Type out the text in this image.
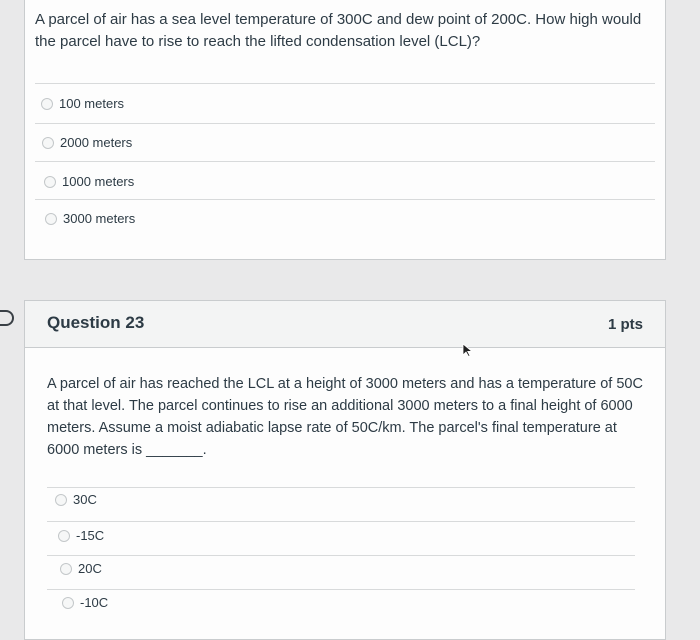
A parcel of air has a sea level temperature of 300C and dew point of 200C. How high would the parcel have to rise to reach the lifted condensation level (LCL)?
100 meters
2000 meters
1000 meters
3000 meters
Question 23	1 pts
A parcel of air has reached the LCL at a height of 3000 meters and has a temperature of 50C at that level. The parcel continues to rise an additional 3000 meters to a final height of 6000 meters. Assume a moist adiabatic lapse rate of 50C/km. The parcel's final temperature at 6000 meters is _______.
30C
-15C
20C
-10C
